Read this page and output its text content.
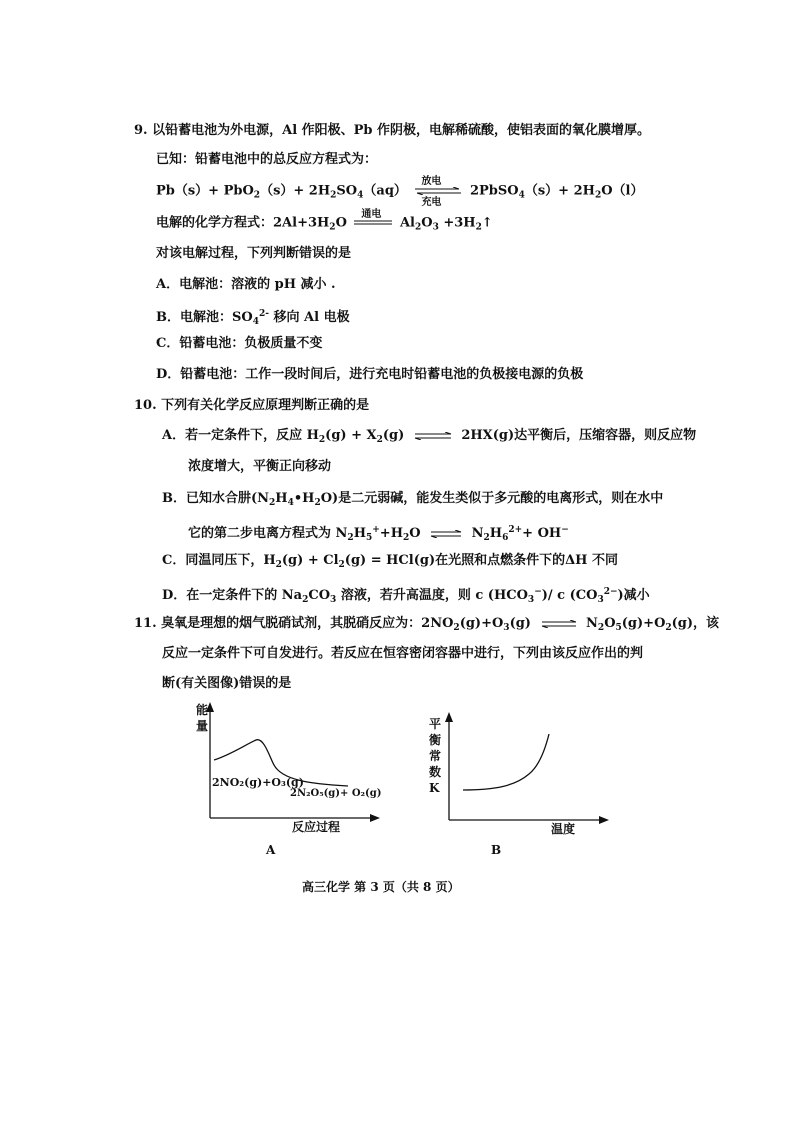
9. 以铅蓄电池为外电源，Al 作阳极、Pb 作阴极，电解稀硫酸，使铝表面的氧化膜增厚。
已知：铅蓄电池中的总反应方程式为：
$Pb(s)+ PbO_2(s)+ 2H_2SO_4(aq)$
放电
充电
2PbSO$_4$（s）+ $2H_2O(l)$
电解的化学方程式：$2Al+3H_2O$
通电
$Al_2O_3$ $+3H_2↑$
对该电解过程，下列判断错误的是
A．电解池：溶液的 pH 减小 .
B．电解池：$SO_4^{2-}$ 移向 Al 电极
C．铅蓄电池：负极质量不变
D．铅蓄电池：工作一段时间后，进行充电时铅蓄电池的负极接电源的负极
10. 下列有关化学反应原理判断正确的是
A．若一定条件下，反应 $H_2(g) + X_2(g)$ ⇌ 2HX(g)达平衡后，压缩容器，则反应物
浓度增大，平衡正向移动
B．已知水合肼$(N_2H_4•H_2O)$是二元弱碱，能发生类似于多元酸的电离形式，则在水中
它的第二步电离方程式为 $N_2H_5^++H_2O$ ⇌ $N_2H_6^{2+}+ OH^-$
C．同温同压下，$H_2(g) + Cl_2(g) = HCl(g)$在光照和点燃条件下的ΔH 不同
D．在一定条件下的 $Na_2CO_3$ 溶液，若升高温度，则 c $(HCO_3^-)/$ c $(CO_3^{2-})$减小
11. 臭氧是理想的烟气脱硝试剂，其脱硝反应为：$2NO_2(g)+O_3(g)$ ⇌ $N_2O_5(g)+O_2(g)$，该
反应一定条件下可自发进行。若反应在恒容密闭容器中进行，下列由该反应作出的判
断(有关图像)错误的是
能量
2NO₂(g)+O₃(g)
2N₂O₅(g)+ O₂(g)
反应过程
A
平衡常数K
温度
B
高三化学 第 3 页（共 8 页）
